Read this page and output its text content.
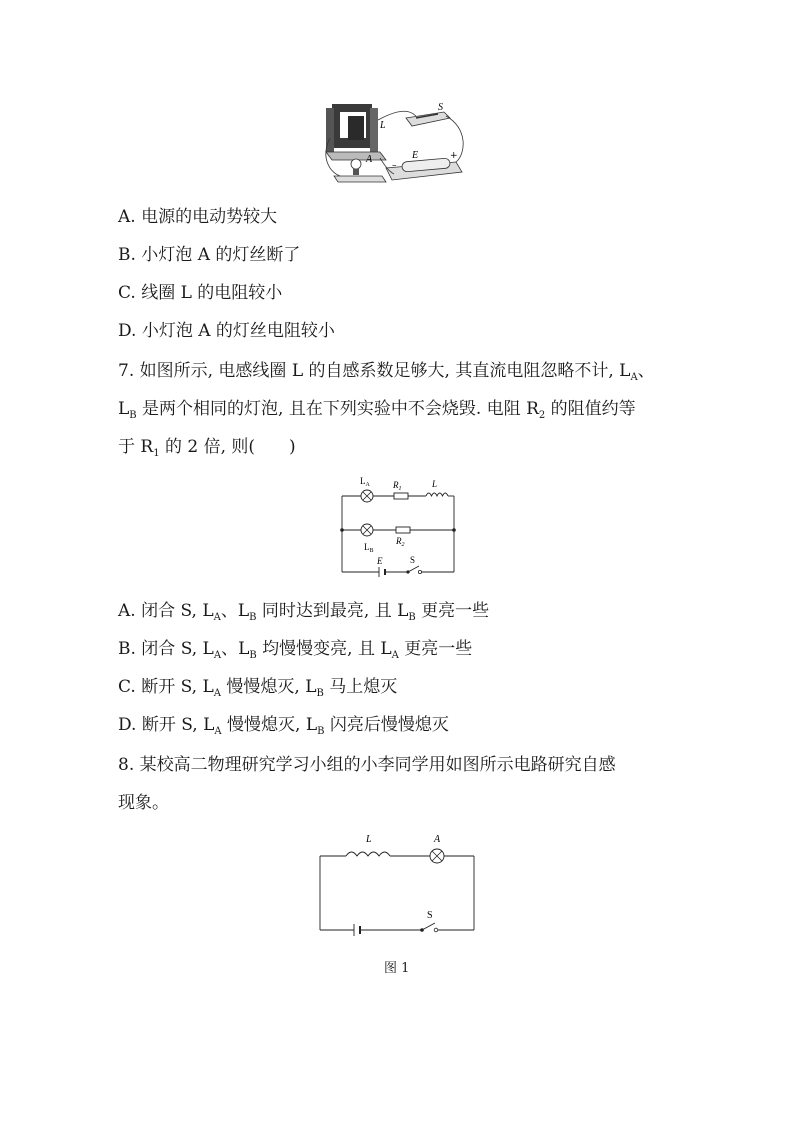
L
S
A	E
–
+
A. 电源的电动势较大
B. 小灯泡 A 的灯丝断了
C. 线圈 L 的电阻较小
D. 小灯泡 A 的灯丝电阻较小
7. 如图所示, 电感线圈 L 的自感系数足够大, 其直流电阻忽略不计, $L_A$、
$L_B$ 是两个相同的灯泡, 且在下列实验中不会烧毁. 电阻 $R_2$ 的阻值约等
于 $R_1$ 的 2 倍, 则(　　)
$L_A$	$R_1$	L
$L_B$
$R_2$
E	S
A. 闭合 S, $L_A$、$L_B$ 同时达到最亮, 且 $L_B$ 更亮一些
B. 闭合 S, $L_A$、$L_B$ 均慢慢变亮, 且 $L_A$ 更亮一些
C. 断开 S, $L_A$ 慢慢熄灭, $L_B$ 马上熄灭
D. 断开 S, $L_A$ 慢慢熄灭, $L_B$ 闪亮后慢慢熄灭
8. 某校高二物理研究学习小组的小李同学用如图所示电路研究自感
现象。
L	A
S
图 1
